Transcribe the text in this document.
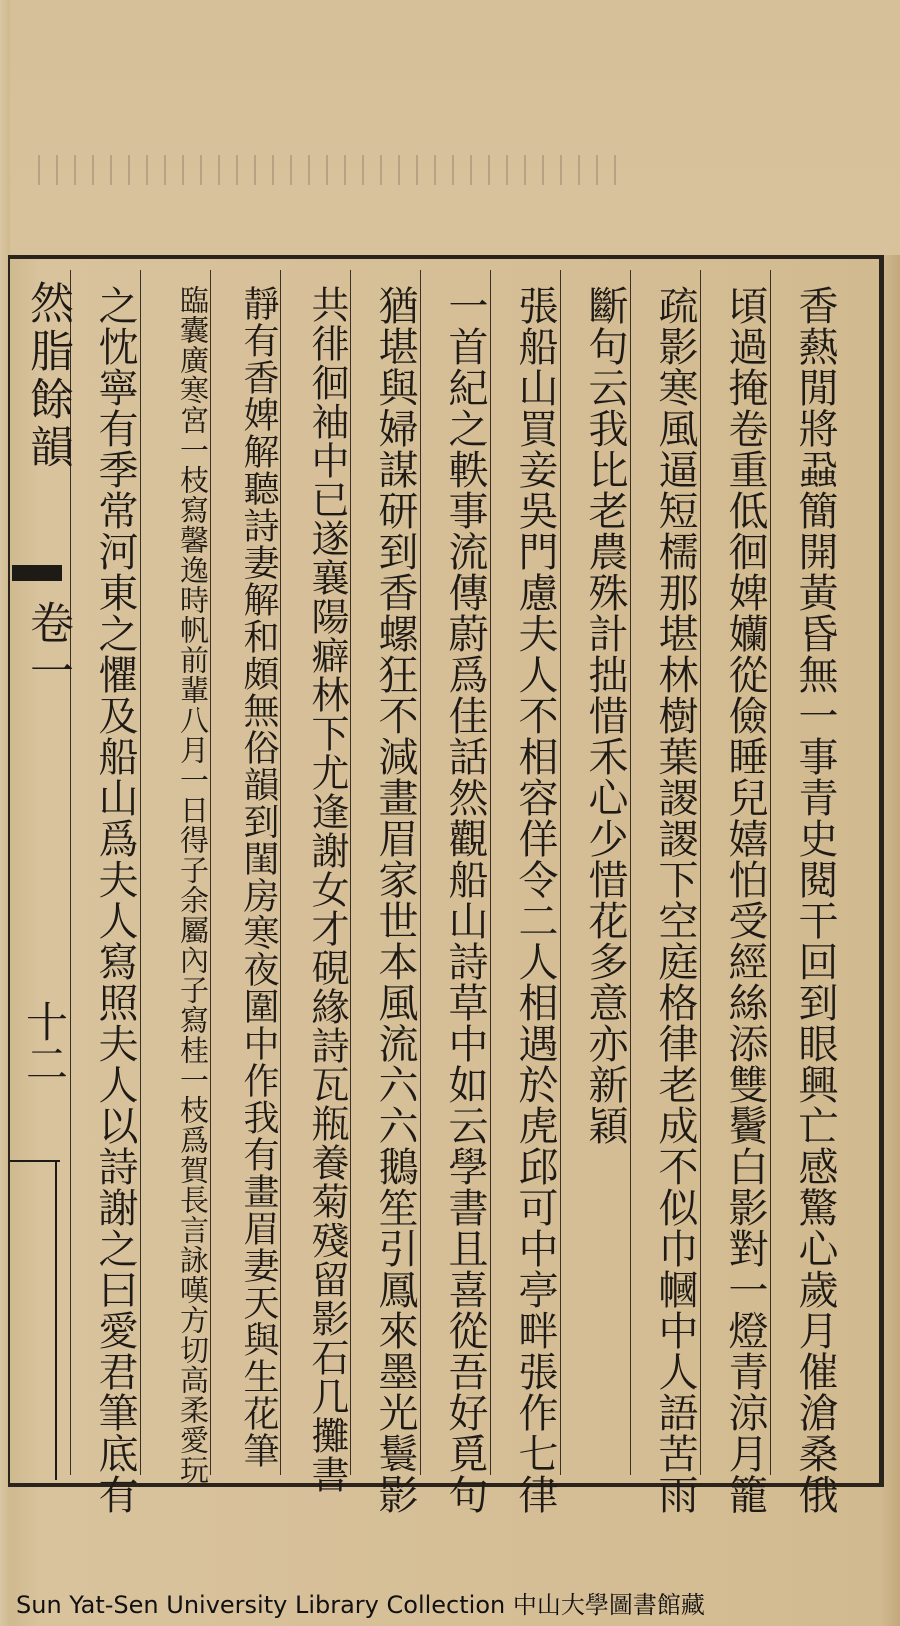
香爇閒將蝨簡開黃昏無一事青史閱干回到眼興亡感驚心歲月催滄桑俄
頃過掩卷重低徊婢孏從儉睡兒嬉怕受經絲添雙鬢白影對一燈青涼月籠
疏影寒風逼短檽那堪林樹葉謖謖下空庭格律老成不似巾幗中人語苦雨
斷句云我比老農殊計拙惜禾心少惜花多意亦新穎
張船山買妾吳門慮夫人不相容佯令二人相遇於虎邱可中亭畔張作七律
一首紀之軼事流傳蔚爲佳話然觀船山詩草中如云學書且喜從吾好覓句
猶堪與婦謀研到香螺狂不減畫眉家世本風流六六鵝笙引鳳來墨光鬟影
共徘徊袖中已遂襄陽癖林下尤逢謝女才硯緣詩瓦瓶養菊殘留影石几攤書
靜有香婢解聽詩妻解和頗無俗韻到閨房寒夜圍中作我有畫眉妻天與生花筆
臨囊廣寒宮一枝寫馨逸時帆前輩八月一日得子余屬內子寫桂一枝爲賀長言詠嘆方切高柔愛玩
之忱寧有季常河東之懼及船山爲夫人寫照夫人以詩謝之曰愛君筆底有
然脂餘韻
卷一
十二
Sun Yat-Sen University Library Collection 中山大學圖書館藏
